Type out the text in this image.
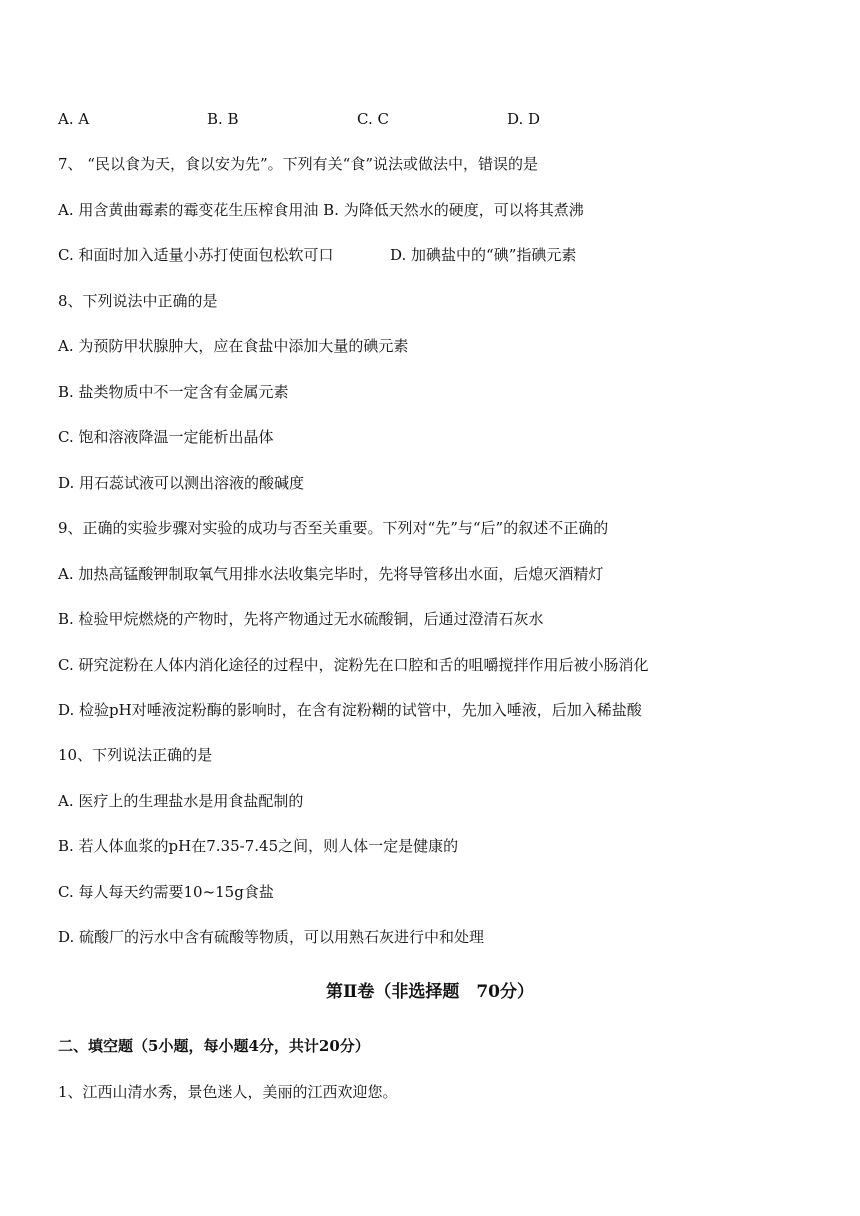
A. A	B. B	C. C	D. D
7、 “民以食为天，食以安为先”。下列有关“食”说法或做法中，错误的是
A. 用含黄曲霉素的霉变花生压榨食用油 B. 为降低天然水的硬度，可以将其煮沸
C. 和面时加入适量小苏打使面包松软可口	D. 加碘盐中的“碘”指碘元素
8、下列说法中正确的是
A. 为预防甲状腺肿大，应在食盐中添加大量的碘元素
B. 盐类物质中不一定含有金属元素
C. 饱和溶液降温一定能析出晶体
D. 用石蕊试液可以测出溶液的酸碱度
9、正确的实验步骤对实验的成功与否至关重要。下列对“先”与“后”的叙述不正确的
A. 加热高锰酸钾制取氧气用排水法收集完毕时，先将导管移出水面，后熄灭酒精灯
B. 检验甲烷燃烧的产物时，先将产物通过无水硫酸铜，后通过澄清石灰水
C. 研究淀粉在人体内消化途径的过程中，淀粉先在口腔和舌的咀嚼搅拌作用后被小肠消化
D. 检验pH对唾液淀粉酶的影响时，在含有淀粉糊的试管中，先加入唾液，后加入稀盐酸
10、下列说法正确的是
A. 医疗上的生理盐水是用食盐配制的
B. 若人体血浆的pH在7.35-7.45之间，则人体一定是健康的
C. 每人每天约需要10~15g食盐
D. 硫酸厂的污水中含有硫酸等物质，可以用熟石灰进行中和处理
第Ⅱ卷（非选择题　70分）
二、填空题（5小题，每小题4分，共计20分）
1、江西山清水秀，景色迷人，美丽的江西欢迎您。
